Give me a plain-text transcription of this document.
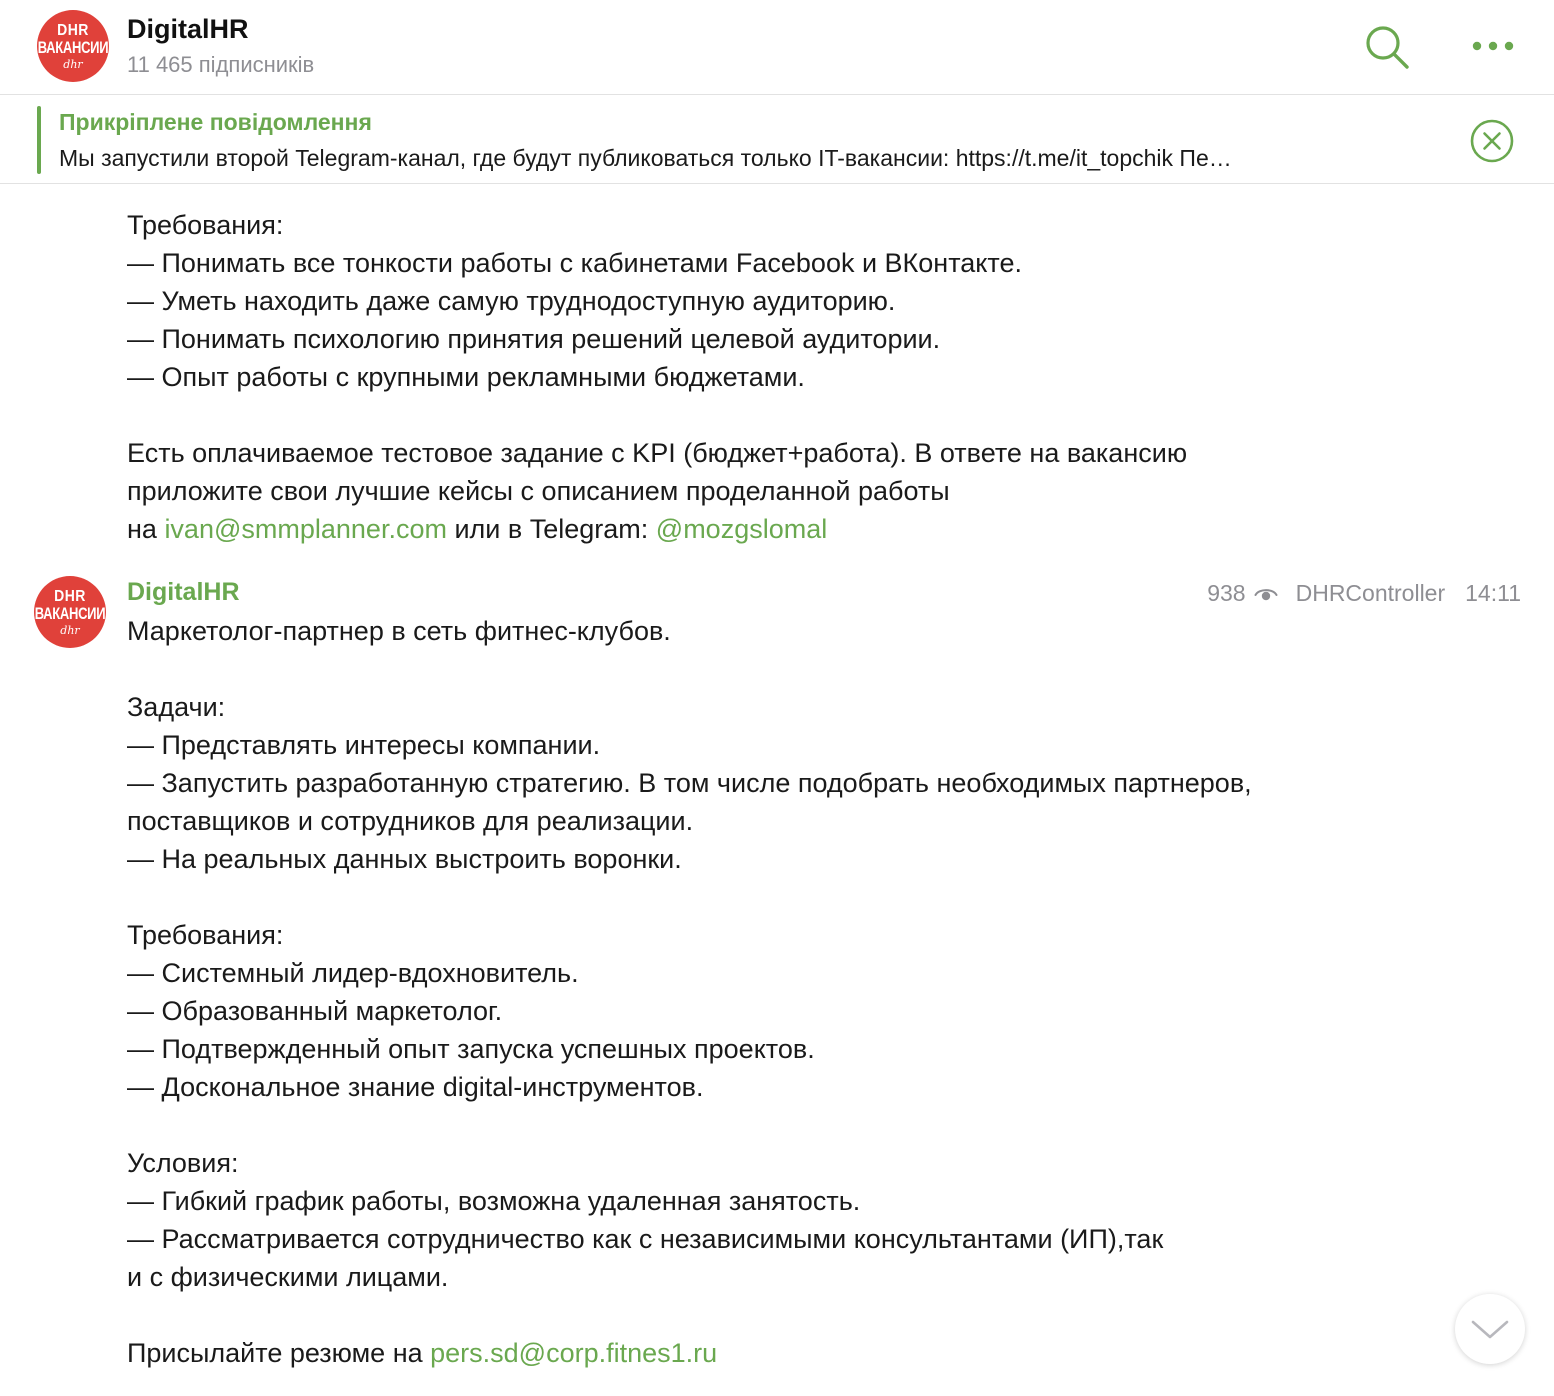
DHR
ВАКАНСИИ
dhr
DigitalHR
11 465 підписників
Прикріплене повідомлення
Мы запустили второй Telegram-канал, где будут публиковаться только IT-вакансии: https://t.me/it_topchik Пе…
Требования:
— Понимать все тонкости работы с кабинетами Facebook и ВКонтакте.
— Уметь находить даже самую труднодоступную аудиторию.
— Понимать психологию принятия решений целевой аудитории.
— Опыт работы с крупными рекламными бюджетами.
Есть оплачиваемое тестовое задание с KPI (бюджет+работа). В ответе на вакансию
приложите свои лучшие кейсы с описанием проделанной работы
на ivan@smmplanner.com или в Telegram: @mozgslomal
DHR
ВАКАНСИИ
dhr
DigitalHR	938 DHRController 14:11
Маркетолог-партнер в сеть фитнес-клубов.
Задачи:
— Представлять интересы компании.
— Запустить разработанную стратегию. В том числе подобрать необходимых партнеров,
поставщиков и сотрудников для реализации.
— На реальных данных выстроить воронки.
Требования:
— Системный лидер-вдохновитель.
— Образованный маркетолог.
— Подтвержденный опыт запуска успешных проектов.
— Доскональное знание digital-инструментов.
Условия:
— Гибкий график работы, возможна удаленная занятость.
— Рассматривается сотрудничество как с независимыми консультантами (ИП),так
и с физическими лицами.
Присылайте резюме на pers.sd@corp.fitnes1.ru
